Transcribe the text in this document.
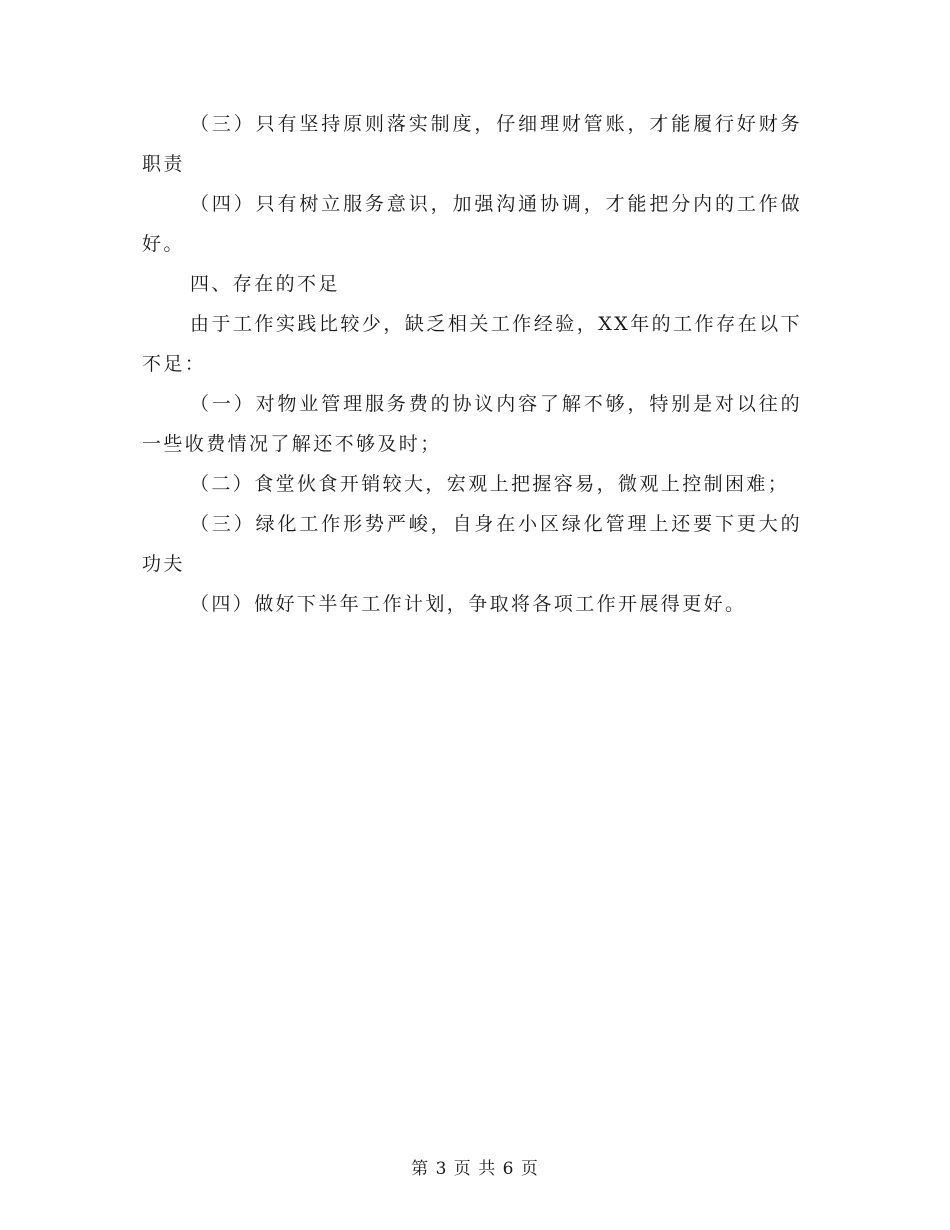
（三）只有坚持原则落实制度，仔细理财管账，才能履行好财务职责

（四）只有树立服务意识，加强沟通协调，才能把分内的工作做好。

四、存在的不足

由于工作实践比较少，缺乏相关工作经验，XX年的工作存在以下不足：

（一）对物业管理服务费的协议内容了解不够，特别是对以往的一些收费情况了解还不够及时；

（二）食堂伙食开销较大，宏观上把握容易，微观上控制困难；

（三）绿化工作形势严峻，自身在小区绿化管理上还要下更大的功夫

（四）做好下半年工作计划，争取将各项工作开展得更好。

第 3 页 共 6 页
